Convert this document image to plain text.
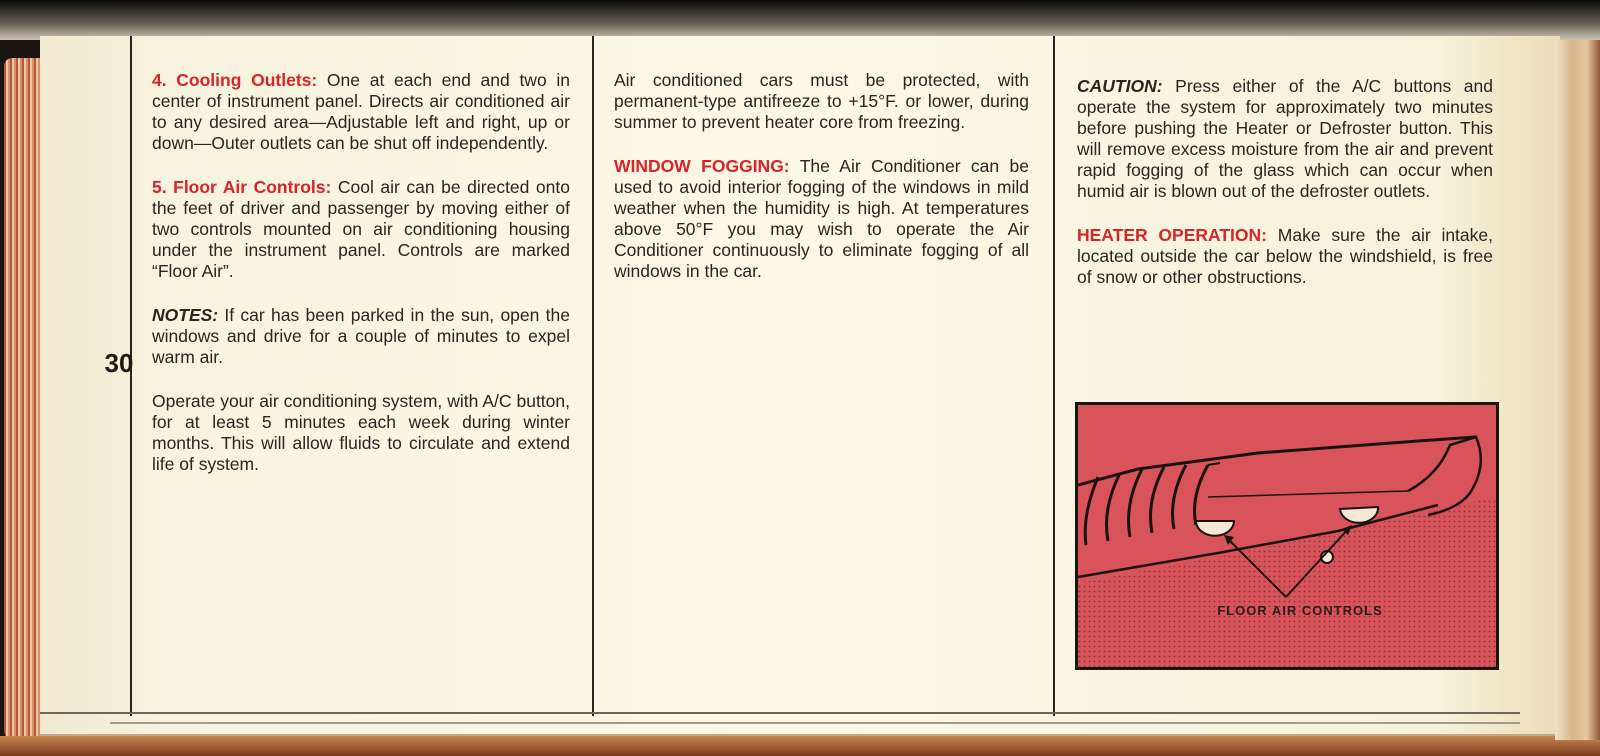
30

4. Cooling Outlets: One at each end and two in center of instrument panel. Directs air conditioned air to any desired area—Adjustable left and right, up or down—Outer outlets can be shut off independently.

5. Floor Air Controls: Cool air can be directed onto the feet of driver and passenger by moving either of two controls mounted on air conditioning housing under the instrument panel. Controls are marked “Floor Air”.

NOTES: If car has been parked in the sun, open the windows and drive for a couple of minutes to expel warm air.

Operate your air conditioning system, with A/C button, for at least 5 minutes each week during winter months. This will allow fluids to circulate and extend life of system.

Air conditioned cars must be protected, with permanent-type antifreeze to +15°F. or lower, during summer to prevent heater core from freezing.

WINDOW FOGGING: The Air Conditioner can be used to avoid interior fogging of the windows in mild weather when the humidity is high. At temperatures above 50°F you may wish to operate the Air Conditioner continuously to eliminate fogging of all windows in the car.

CAUTION: Press either of the A/C buttons and operate the system for approximately two minutes before pushing the Heater or Defroster button. This will remove excess moisture from the air and prevent rapid fogging of the glass which can occur when humid air is blown out of the defroster outlets.

HEATER OPERATION: Make sure the air intake, located outside the car below the windshield, is free of snow or other obstructions.

FLOOR AIR CONTROLS
